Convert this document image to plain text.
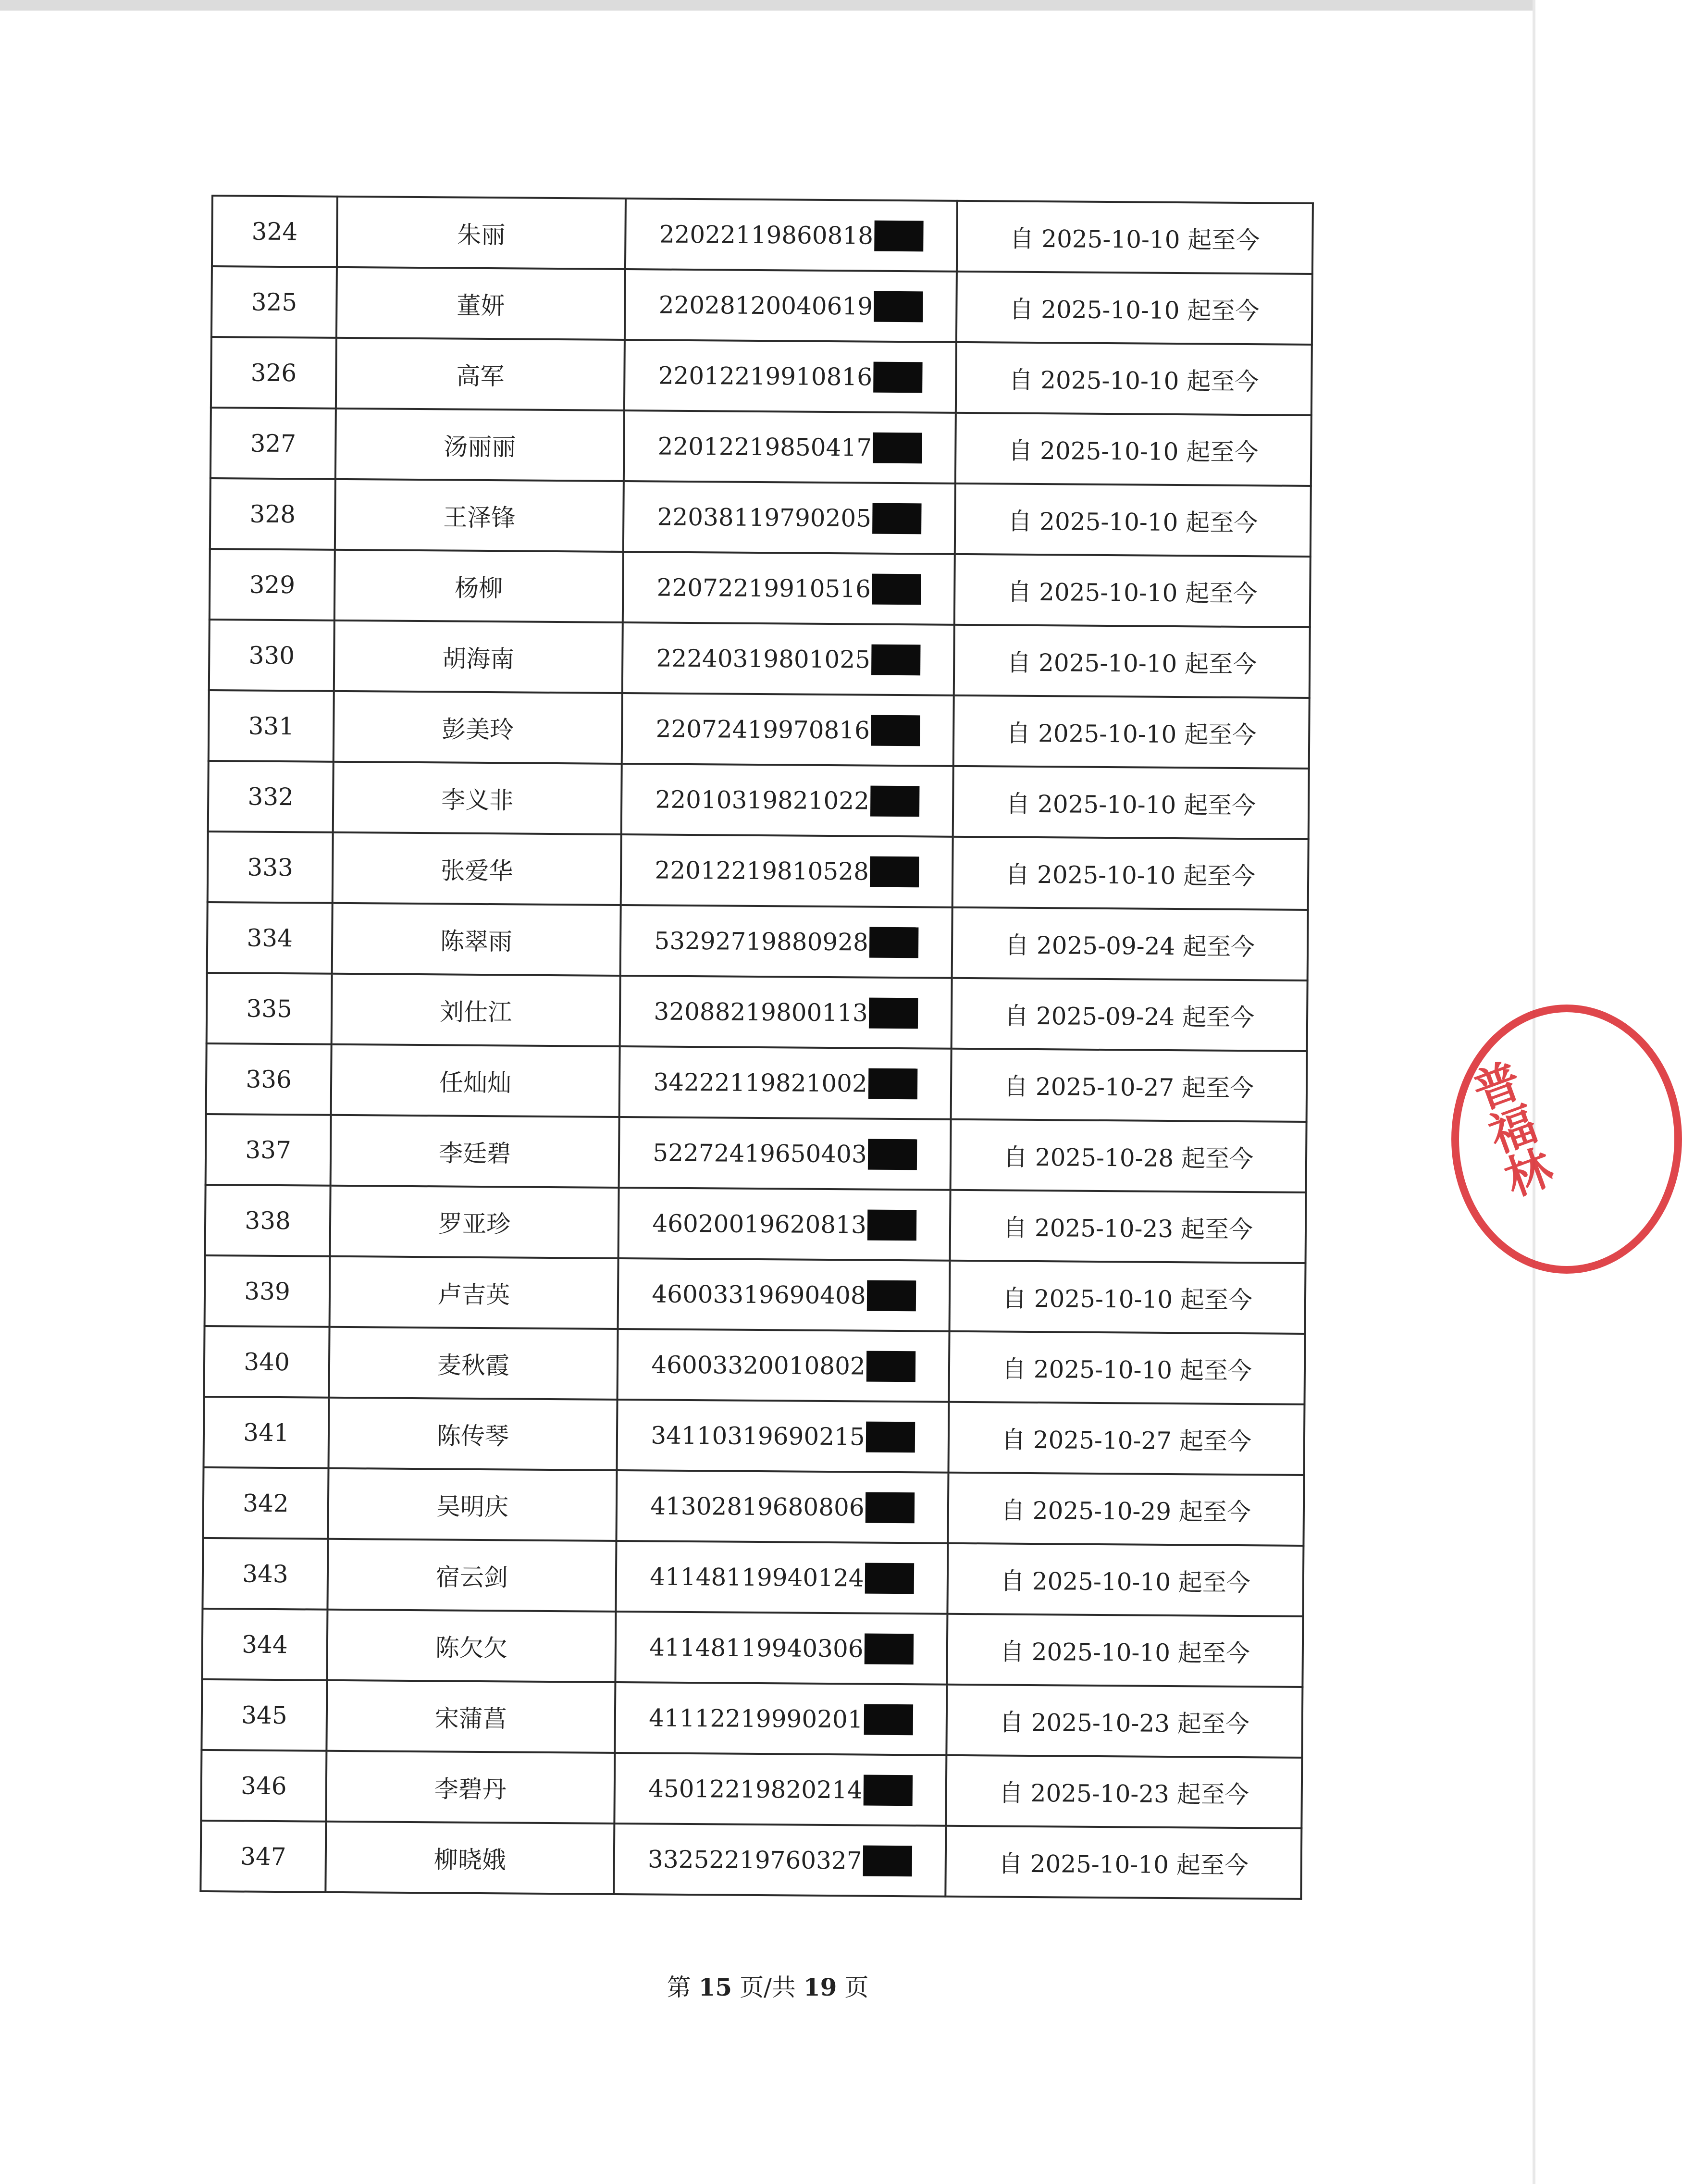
324	朱丽	22022119860818	自 2025-10-10 起至今
325	董妍	22028120040619	自 2025-10-10 起至今
326	高军	22012219910816	自 2025-10-10 起至今
327	汤丽丽	22012219850417	自 2025-10-10 起至今
328	王泽锋	22038119790205	自 2025-10-10 起至今
329	杨柳	22072219910516	自 2025-10-10 起至今
330	胡海南	22240319801025	自 2025-10-10 起至今
331	彭美玲	22072419970816	自 2025-10-10 起至今
332	李义非	22010319821022	自 2025-10-10 起至今
333	张爱华	22012219810528	自 2025-10-10 起至今
334	陈翠雨	53292719880928	自 2025-09-24 起至今
335	刘仕江	32088219800113	自 2025-09-24 起至今
336	任灿灿	34222119821002	自 2025-10-27 起至今
337	李廷碧	52272419650403	自 2025-10-28 起至今
338	罗亚珍	46020019620813	自 2025-10-23 起至今
339	卢吉英	46003319690408	自 2025-10-10 起至今
340	麦秋霞	46003320010802	自 2025-10-10 起至今
341	陈传琴	34110319690215	自 2025-10-27 起至今
342	吴明庆	41302819680806	自 2025-10-29 起至今
343	宿云剑	41148119940124	自 2025-10-10 起至今
344	陈欠欠	41148119940306	自 2025-10-10 起至今
345	宋蒲菖	41112219990201	自 2025-10-23 起至今
346	李碧丹	45012219820214	自 2025-10-23 起至今
347	柳晓娥	33252219760327	自 2025-10-10 起至今
第 15 页/共 19 页
普福林
